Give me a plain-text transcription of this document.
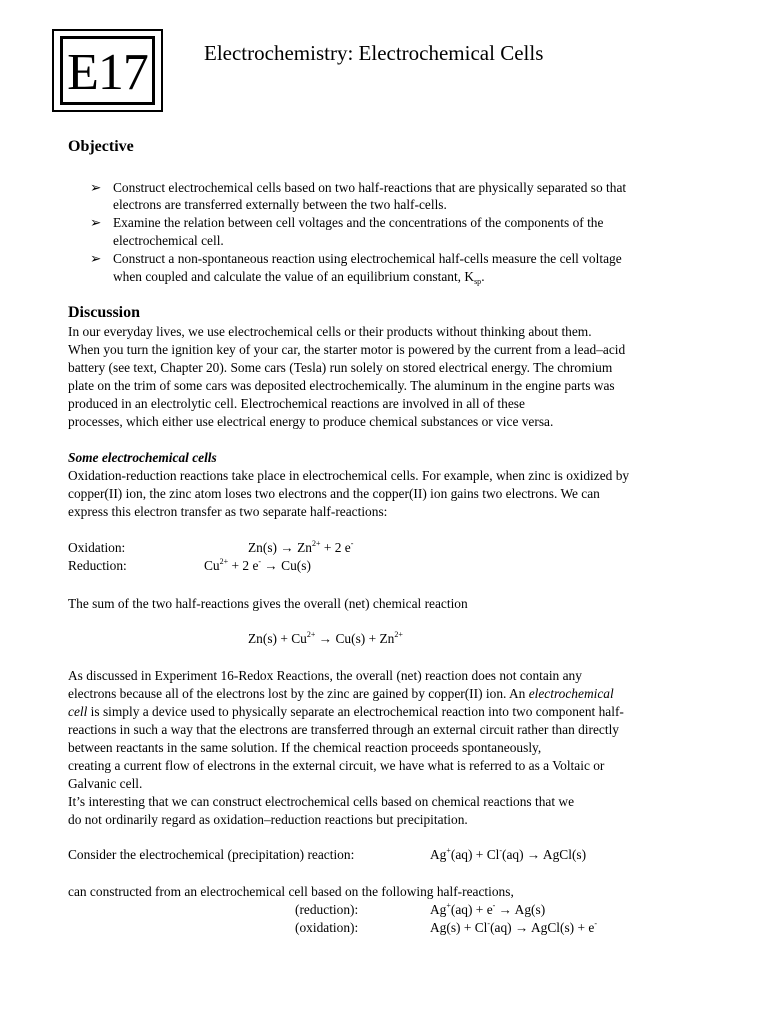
E17	Electrochemistry: Electrochemical Cells
Objective
➢ Construct electrochemical cells based on two half-reactions that are physically separated so that
electrons are transferred externally between the two half-cells.
➢ Examine the relation between cell voltages and the concentrations of the components of the
electrochemical cell.
➢ Construct a non-spontaneous reaction using electrochemical half-cells measure the cell voltage
when coupled and calculate the value of an equilibrium constant, $K_{sp}$.
Discussion
In our everyday lives, we use electrochemical cells or their products without thinking about them.
When you turn the ignition key of your car, the starter motor is powered by the current from a lead–acid
battery (see text, Chapter 20). Some cars (Tesla) run solely on stored electrical energy. The chromium
plate on the trim of some cars was deposited electrochemically. The aluminum in the engine parts was
produced in an electrolytic cell. Electrochemical reactions are involved in all of these
processes, which either use electrical energy to produce chemical substances or vice versa.
Some electrochemical cells
Oxidation-reduction reactions take place in electrochemical cells. For example, when zinc is oxidized by
copper(II) ion, the zinc atom loses two electrons and the copper(II) ion gains two electrons. We can
express this electron transfer as two separate half-reactions:
Oxidation:	$Zn(s) \to Zn^{2+} + 2$ e-
Reduction:	$Cu^{2+} + 2$ e- → Cu(s)
The sum of the two half-reactions gives the overall (net) chemical reaction
$Zn(s) + Cu^{2+} \to Cu(s) + Zn^{2+}$
As discussed in Experiment 16-Redox Reactions, the overall (net) reaction does not contain any
electrons because all of the electrons lost by the zinc are gained by copper(II) ion. An electrochemical
cell is simply a device used to physically separate an electrochemical reaction into two component half-
reactions in such a way that the electrons are transferred through an external circuit rather than directly
between reactants in the same solution. If the chemical reaction proceeds spontaneously,
creating a current flow of electrons in the external circuit, we have what is referred to as a Voltaic or
Galvanic cell.
It’s interesting that we can construct electrochemical cells based on chemical reactions that we
do not ordinarily regard as oxidation–reduction reactions but precipitation.
Consider the electrochemical (precipitation) reaction:	Ag+(aq) + Cl-(aq) → AgCl(s)
can constructed from an electrochemical cell based on the following half-reactions,
(reduction):	Ag+(aq) + e- → Ag(s)
(oxidation):	Ag(s) + Cl-(aq) → AgCl(s) + e-
